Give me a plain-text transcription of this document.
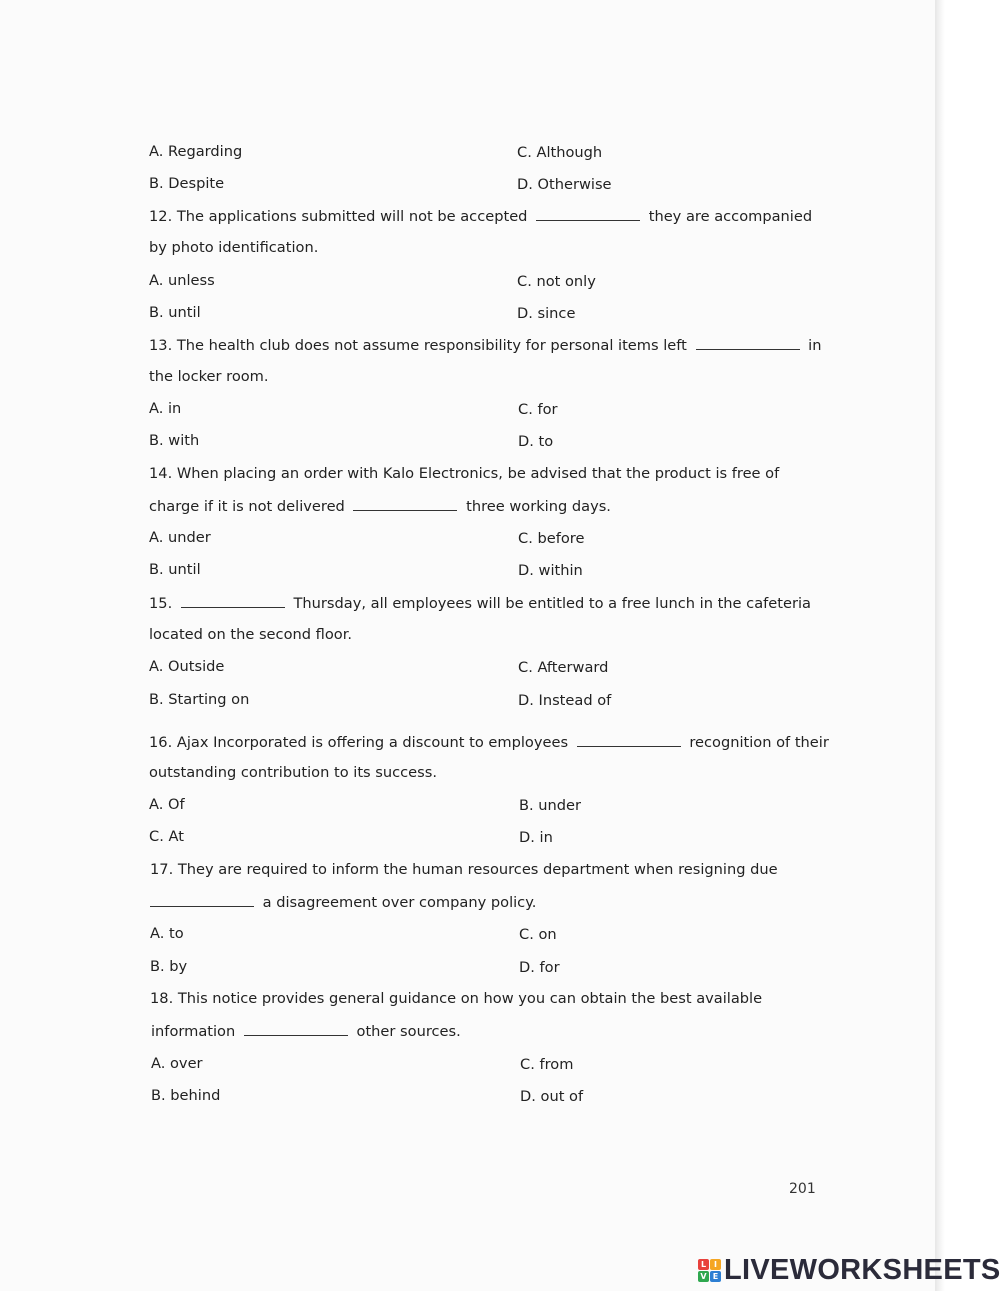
A. Regarding	C. Although
B. Despite	D. Otherwise
12. The applications submitted will not be accepted	they are accompanied
by photo identification.
A. unless	C. not only
B. until	D. since
13. The health club does not assume responsibility for personal items left	in
the locker room.
A. in	C. for
B. with	D. to
14. When placing an order with Kalo Electronics, be advised that the product is free of
charge if it is not delivered	three working days.
A. under	C. before
B. until	D. within
15.	Thursday, all employees will be entitled to a free lunch in the cafeteria
located on the second floor.
A. Outside	C. Afterward
B. Starting on	D. Instead of
16. Ajax Incorporated is offering a discount to employees	recognition of their
outstanding contribution to its success.
A. Of	B. under
C. At	D. in
17. They are required to inform the human resources department when resigning due
a disagreement over company policy.
A. to	C. on
B. by	D. for
18. This notice provides general guidance on how you can obtain the best available
information	other sources.
A. over	C. from
B. behind	D. out of
201
L I
V E LIVEWORKSHEETS
